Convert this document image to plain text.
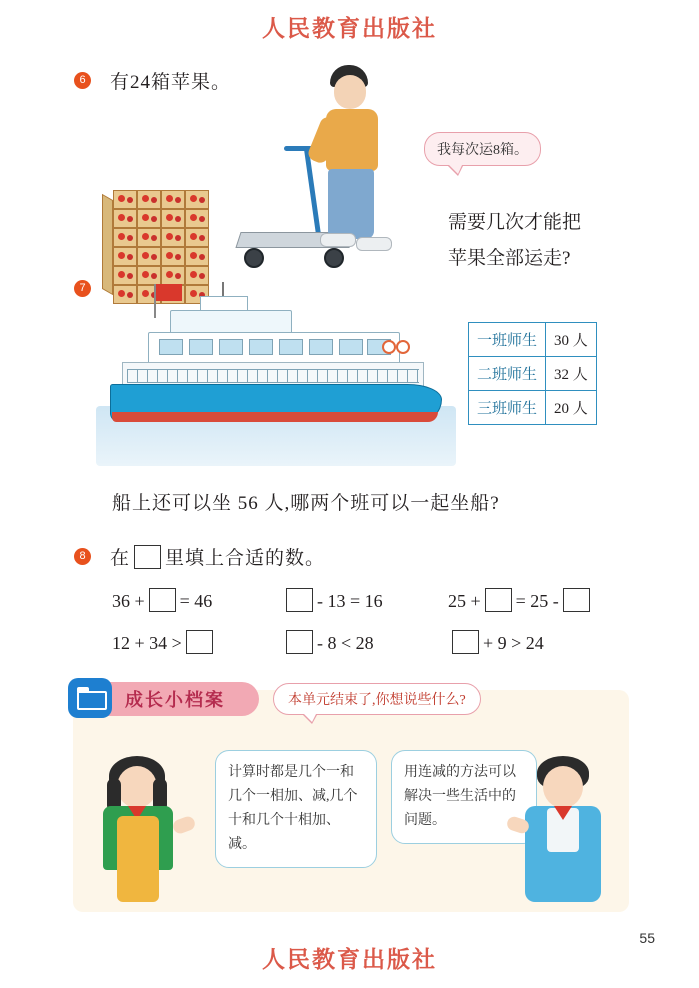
人民教育出版社
人民教育出版社
6 有24箱苹果。
我每次运8箱。
需要几次才能把
苹果全部运走?
7
一班师生	30 人
二班师生	32 人
三班师生	20 人
船上还可以坐 56 人,哪两个班可以一起坐船?
8 在 里填上合适的数。
36 + = 46	- 13 = 16	25 + = 25 -
12 + 34 >	- 8 < 28	+ 9 > 24
成长小档案	本单元结束了,你想说些什么?
计算时都是几个一和几个一相加、减,几个十和几个十相加、减。
用连减的方法可以解决一些生活中的问题。
55
